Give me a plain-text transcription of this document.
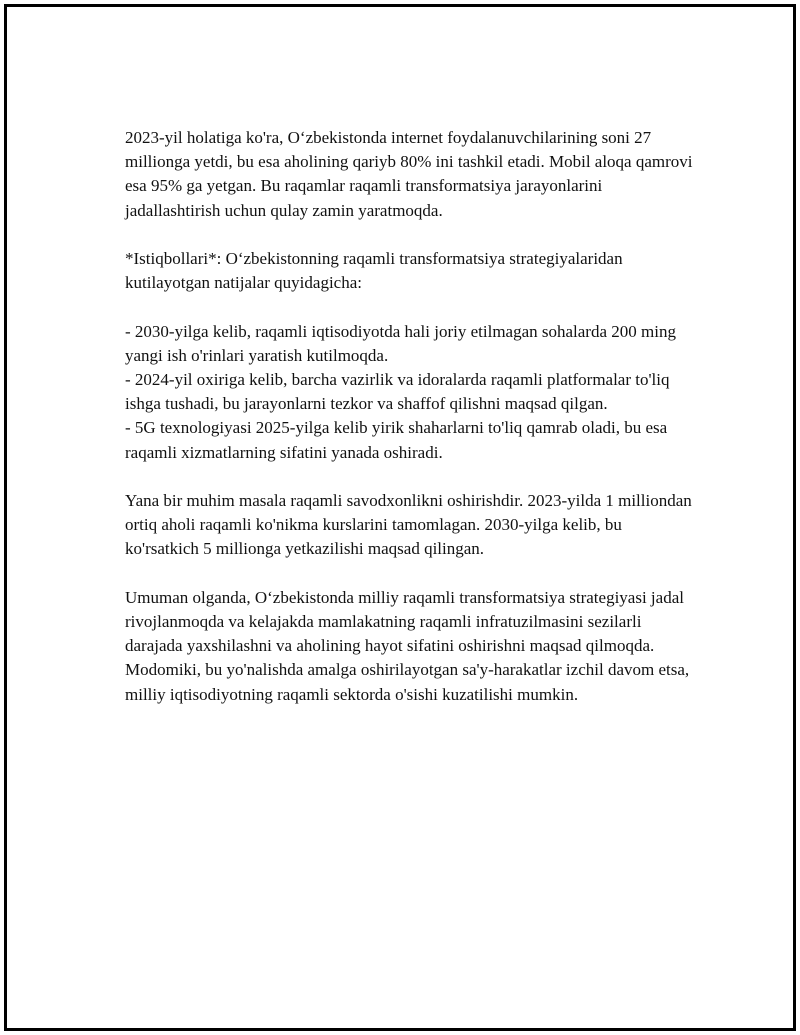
2023-yil holatiga ko'ra, O‘zbekistonda internet foydalanuvchilarining soni 27 millionga yetdi, bu esa aholining qariyb 80% ini tashkil etadi. Mobil aloqa qamrovi esa 95% ga yetgan. Bu raqamlar raqamli transformatsiya jarayonlarini jadallashtirish uchun qulay zamin yaratmoqda.

*Istiqbollari*: O‘zbekistonning raqamli transformatsiya strategiyalaridan kutilayotgan natijalar quyidagicha:

- 2030-yilga kelib, raqamli iqtisodiyotda hali joriy etilmagan sohalarda 200 ming yangi ish o'rinlari yaratish kutilmoqda.
- 2024-yil oxiriga kelib, barcha vazirlik va idoralarda raqamli platformalar to'liq ishga tushadi, bu jarayonlarni tezkor va shaffof qilishni maqsad qilgan.
- 5G texnologiyasi 2025-yilga kelib yirik shaharlarni to'liq qamrab oladi, bu esa raqamli xizmatlarning sifatini yanada oshiradi.

Yana bir muhim masala raqamli savodxonlikni oshirishdir. 2023-yilda 1 milliondan ortiq aholi raqamli ko'nikma kurslarini tamomlagan. 2030-yilga kelib, bu ko'rsatkich 5 millionga yetkazilishi maqsad qilingan.

Umuman olganda, O‘zbekistonda milliy raqamli transformatsiya strategiyasi jadal rivojlanmoqda va kelajakda mamlakatning raqamli infratuzilmasini sezilarli darajada yaxshilashni va aholining hayot sifatini oshirishni maqsad qilmoqda. Modomiki, bu yo'nalishda amalga oshirilayotgan sa'y-harakatlar izchil davom etsa, milliy iqtisodiyotning raqamli sektorda o'sishi kuzatilishi mumkin.
